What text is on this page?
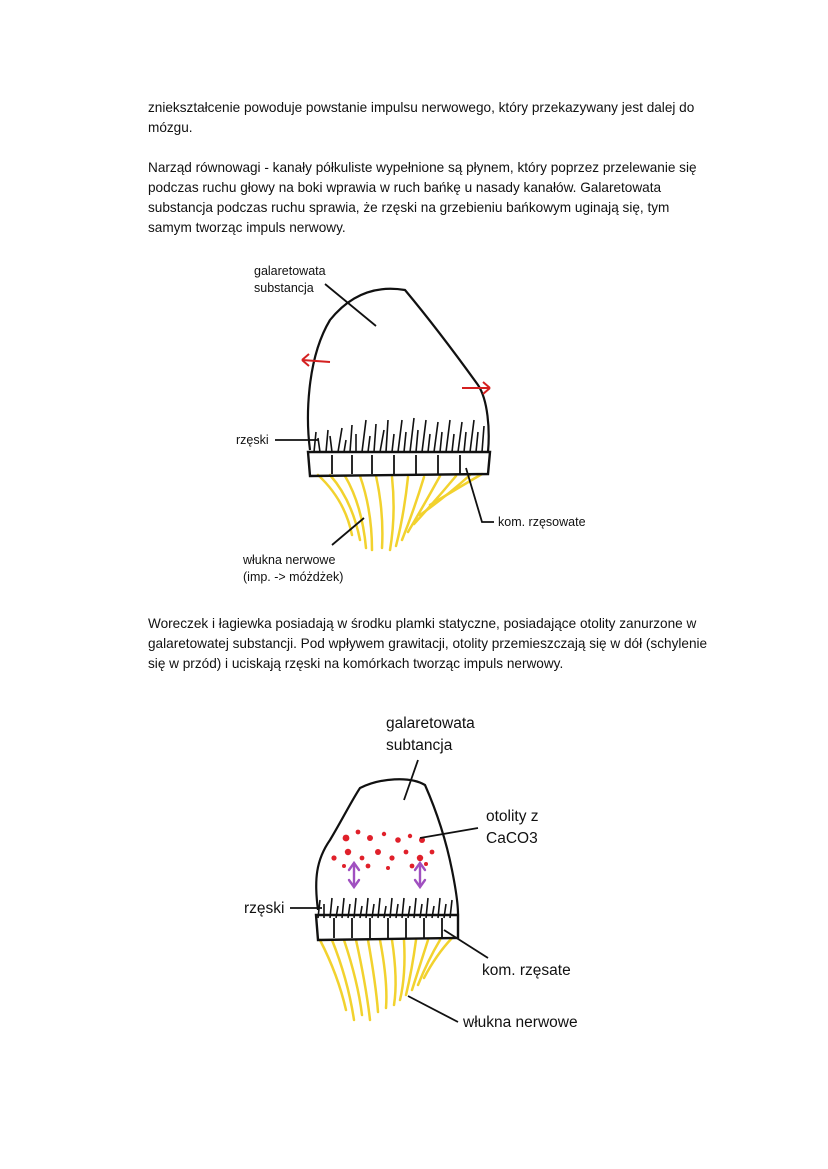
zniekształcenie powoduje powstanie impulsu nerwowego, który przekazywany jest dalej do
mózgu.
Narząd równowagi - kanały półkuliste wypełnione są płynem, który poprzez przelewanie się
podczas ruchu głowy na boki wprawia w ruch bańkę u nasady kanałów. Galaretowata
substancja podczas ruchu sprawia, że rzęski na grzebieniu bańkowym uginają się, tym
samym tworząc impuls nerwowy.
galaretowata
substancja
rzęski
kom. rzęsowate
włukna nerwowe
(imp. -> móżdżek)
Woreczek i łagiewka posiadają w środku plamki statyczne, posiadające otolity zanurzone w
galaretowatej substancji. Pod wpływem grawitacji, otolity przemieszczają się w dół (schylenie
się w przód) i uciskają rzęski na komórkach tworząc impuls nerwowy.
galaretowata
subtancja
otolity z
CaCO3
rzęski
kom. rzęsate
włukna nerwowe
